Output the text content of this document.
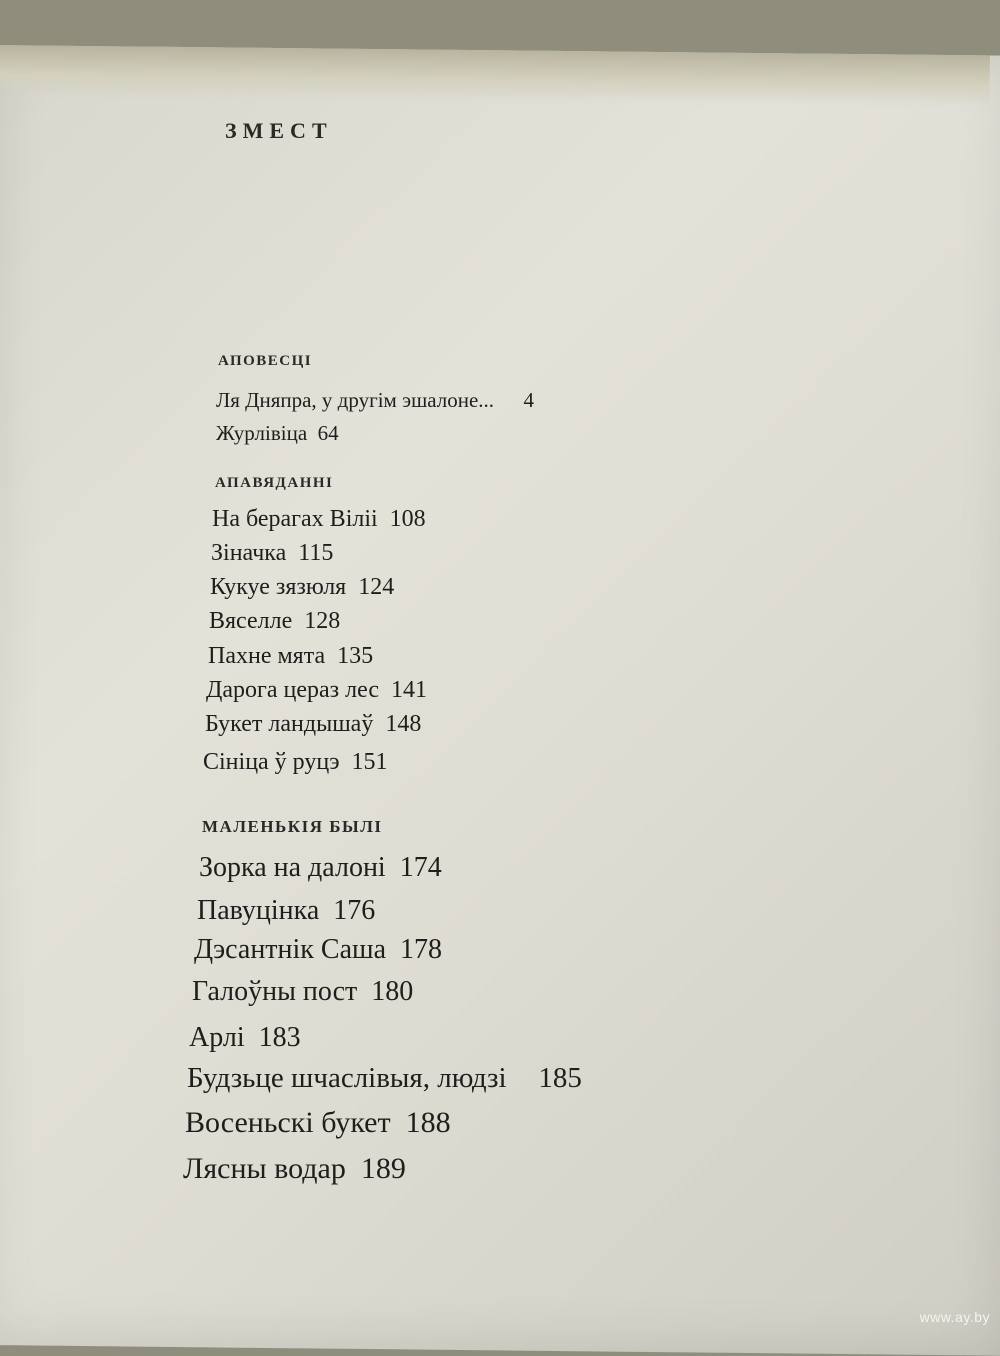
ЗМЕСТ
АПОВЕСЦІ
Ля Дняпра, у другім эшалоне... 4
Журлівіца 64
АПАВЯДАННІ
На берагах Віліі 108
Зіначка 115
Кукуе зязюля 124
Вяселле 128
Пахне мята 135
Дарога цераз лес 141
Букет ландышаў 148
Сініца ў руцэ 151
МАЛЕНЬКІЯ БЫЛІ
Зорка на далоні 174
Павуцінка 176
Дэсантнік Саша 178
Галоўны пост 180
Арлі 183
Будзьце шчаслівыя, людзі 185
Восеньскі букет 188
Лясны водар 189
www.ay.by
